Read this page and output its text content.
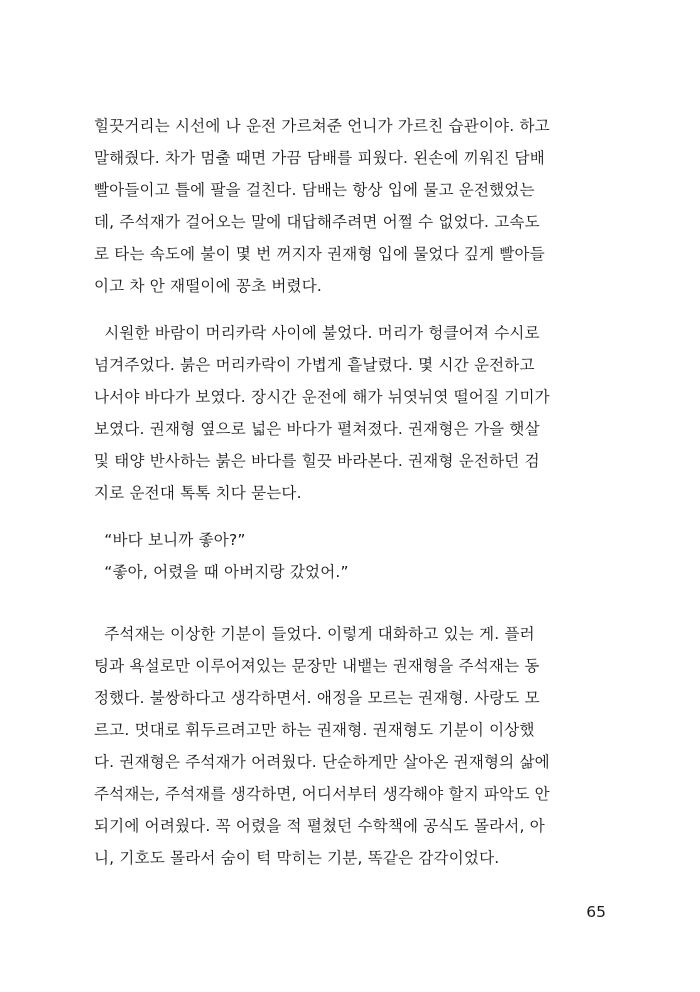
힐끗거리는 시선에 나 운전 가르쳐준 언니가 가르친 습관이야. 하고
말해줬다. 차가 멈출 때면 가끔 담배를 피웠다. 왼손에 끼워진 담배
빨아들이고 틀에 팔을 걸친다. 담배는 항상 입에 물고 운전했었는
데, 주석재가 걸어오는 말에 대답해주려면 어쩔 수 없었다. 고속도
로 타는 속도에 불이 몇 번 꺼지자 권재형 입에 물었다 깊게 빨아들
이고 차 안 재떨이에 꽁초 버렸다.
시원한 바람이 머리카락 사이에 불었다. 머리가 헝클어져 수시로
넘겨주었다. 붉은 머리카락이 가볍게 흩날렸다. 몇 시간 운전하고
나서야 바다가 보였다. 장시간 운전에 해가 뉘엿뉘엿 떨어질 기미가
보였다. 권재형 옆으로 넓은 바다가 펼쳐졌다. 권재형은 가을 햇살
및 태양 반사하는 붉은 바다를 힐끗 바라본다. 권재형 운전하던 검
지로 운전대 톡톡 치다 묻는다.
“바다 보니까 좋아?”
“좋아, 어렸을 때 아버지랑 갔었어.”
주석재는 이상한 기분이 들었다. 이렇게 대화하고 있는 게. 플러
팅과 욕설로만 이루어져있는 문장만 내뱉는 권재형을 주석재는 동
정했다. 불쌍하다고 생각하면서. 애정을 모르는 권재형. 사랑도 모
르고. 멋대로 휘두르려고만 하는 권재형. 권재형도 기분이 이상했
다. 권재형은 주석재가 어려웠다. 단순하게만 살아온 권재형의 삶에
주석재는, 주석재를 생각하면, 어디서부터 생각해야 할지 파악도 안
되기에 어려웠다. 꼭 어렸을 적 펼쳤던 수학책에 공식도 몰라서, 아
니, 기호도 몰라서 숨이 턱 막히는 기분, 똑같은 감각이었다.
65
